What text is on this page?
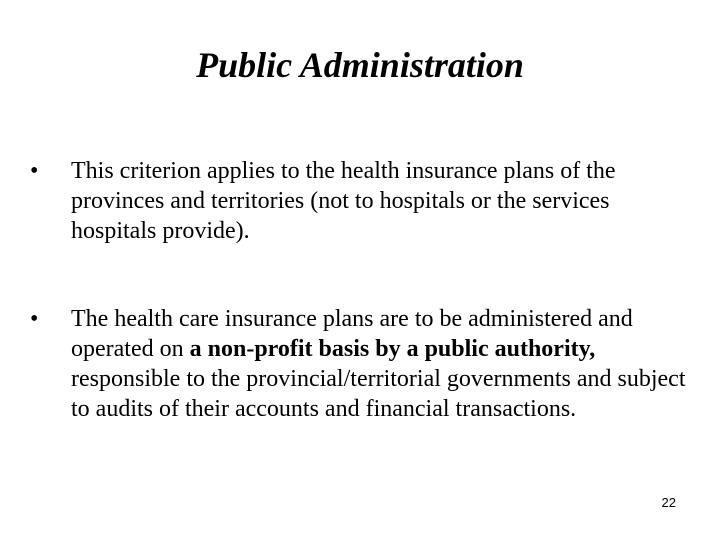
Public Administration
• This criterion applies to the health insurance plans of the provinces and territories (not to hospitals or the services hospitals provide).
• The health care insurance plans are to be administered and operated on a non-profit basis by a public authority, responsible to the provincial/territorial governments and subject to audits of their accounts and financial transactions.
22
